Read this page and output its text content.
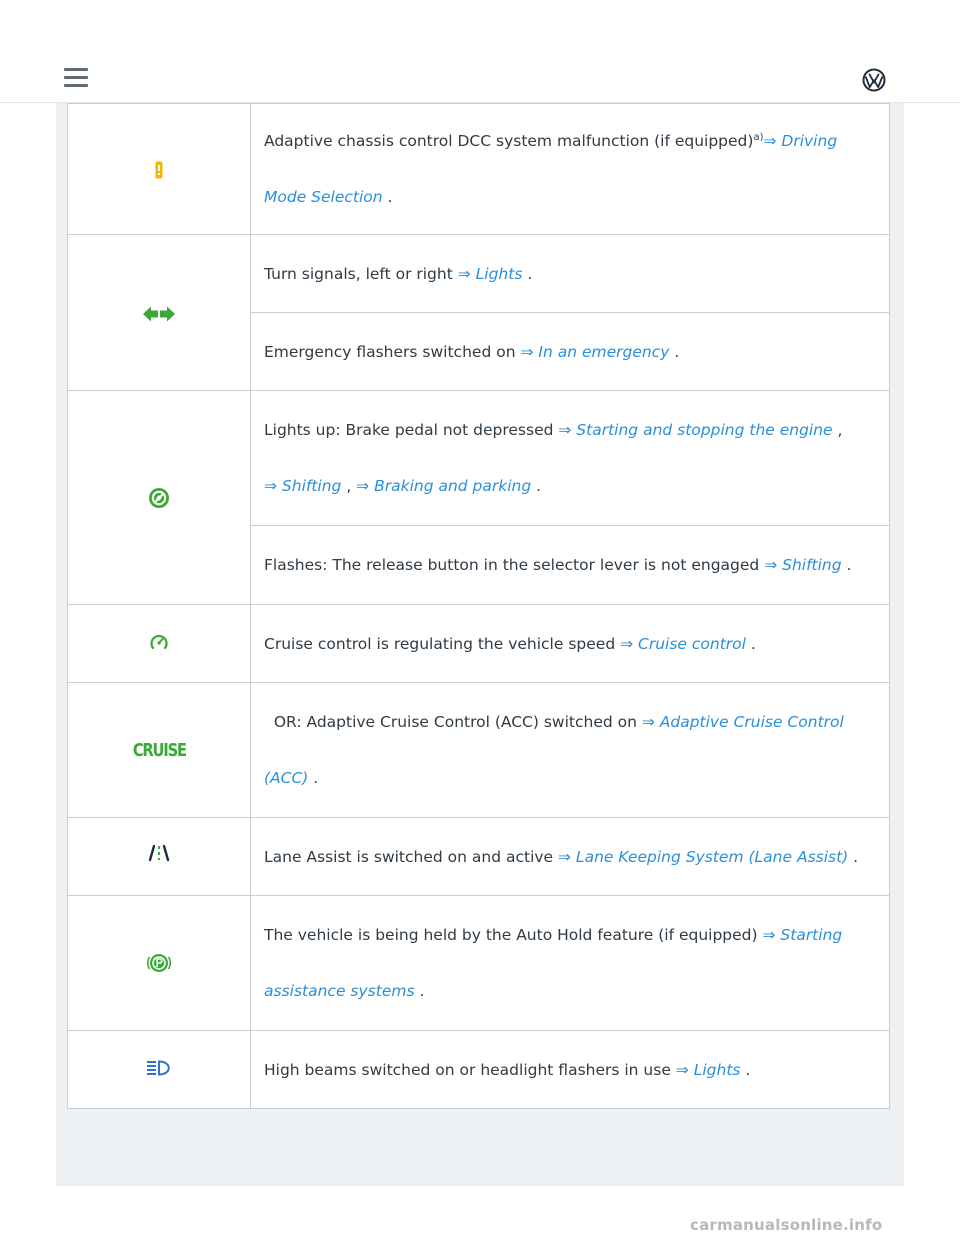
Adaptive chassis control DCC system malfunction (if equipped)$^{a)}$⇒ Driving
Mode Selection .

Turn signals, left or right ⇒ Lights .

	Emergency flashers switched on ⇒ In an emergency .

Lights up: Brake pedal not depressed ⇒ Starting and stopping the engine ,
⇒ Shifting , ⇒ Braking and parking .

	Flashes: The release button in the selector lever is not engaged ⇒ Shifting .

Cruise control is regulating the vehicle speed ⇒ Cruise control .

CRUISE	OR: Adaptive Cruise Control (ACC) switched on ⇒ Adaptive Cruise Control
(ACC) .

Lane Assist is switched on and active ⇒ Lane Keeping System (Lane Assist) .

The vehicle is being held by the Auto Hold feature (if equipped) ⇒ Starting
assistance systems .

High beams switched on or headlight flashers in use ⇒ Lights .
carmanualsonline.info
